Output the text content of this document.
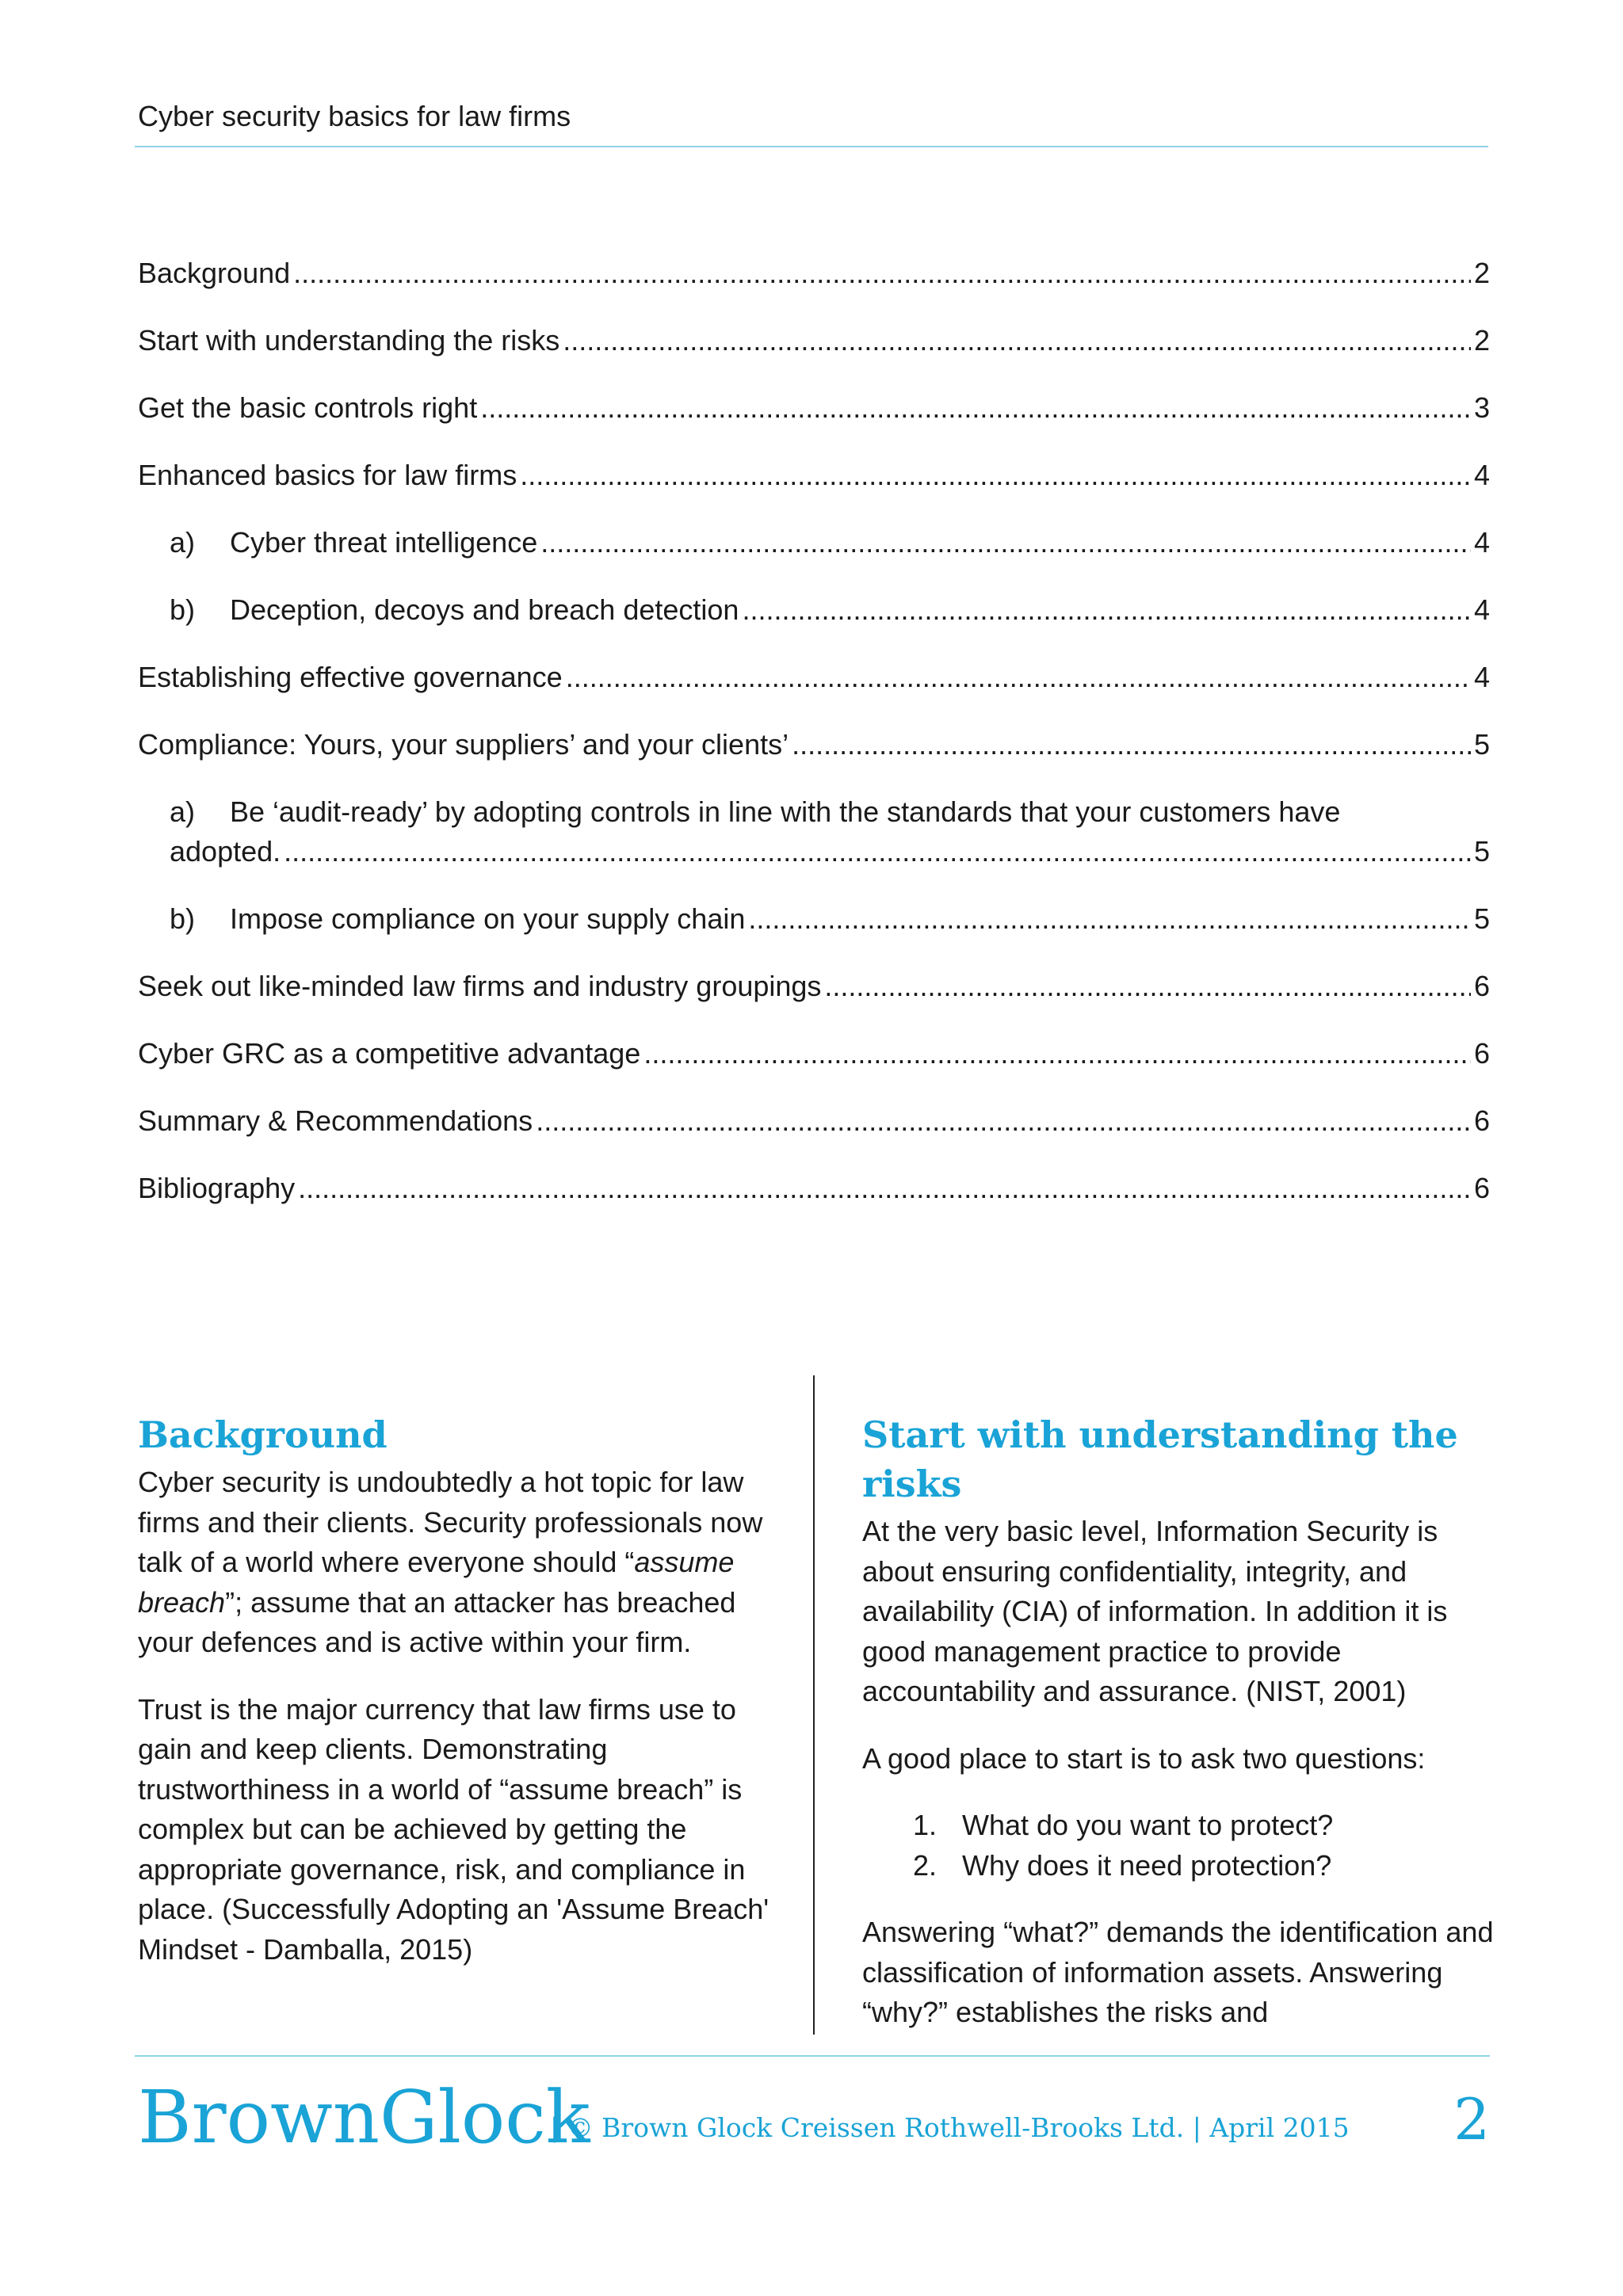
Cyber security basics for law firms
Background .....	2
Start with understanding the risks .....	2
Get the basic controls right .....	3
Enhanced basics for law firms .....	4
a)	Cyber threat intelligence .....	4
b)	Deception, decoys and breach detection .....	4
Establishing effective governance .....	4
Compliance: Yours, your suppliers’ and your clients’ .....	5
a) Be ‘audit-ready’ by adopting controls in line with the standards that your customers have
adopted. .....	5
b)	Impose compliance on your supply chain .....	5
Seek out like-minded law firms and industry groupings .....	6
Cyber GRC as a competitive advantage .....	6
Summary & Recommendations .....	6
Bibliography .....	6
Background

Cyber security is undoubtedly a hot topic for law firms and their clients. Security professionals now talk of a world where everyone should “assume breach”; assume that an attacker has breached your defences and is active within your firm.

Trust is the major currency that law firms use to gain and keep clients. Demonstrating trustworthiness in a world of “assume breach” is complex but can be achieved by getting the appropriate governance, risk, and compliance in place. (Successfully Adopting an 'Assume Breach' Mindset - Damballa, 2015)

Start with understanding the risks

At the very basic level, Information Security is about ensuring confidentiality, integrity, and availability (CIA) of information. In addition it is good management practice to provide accountability and assurance. (NIST, 2001)

A good place to start is to ask two questions:

1. What do you want to protect?
2. Why does it need protection?

Answering “what?” demands the identification and classification of information assets. Answering “why?” establishes the risks and

BrownGlock
| © Brown Glock Creissen Rothwell-Brooks Ltd. | April 2015 2
